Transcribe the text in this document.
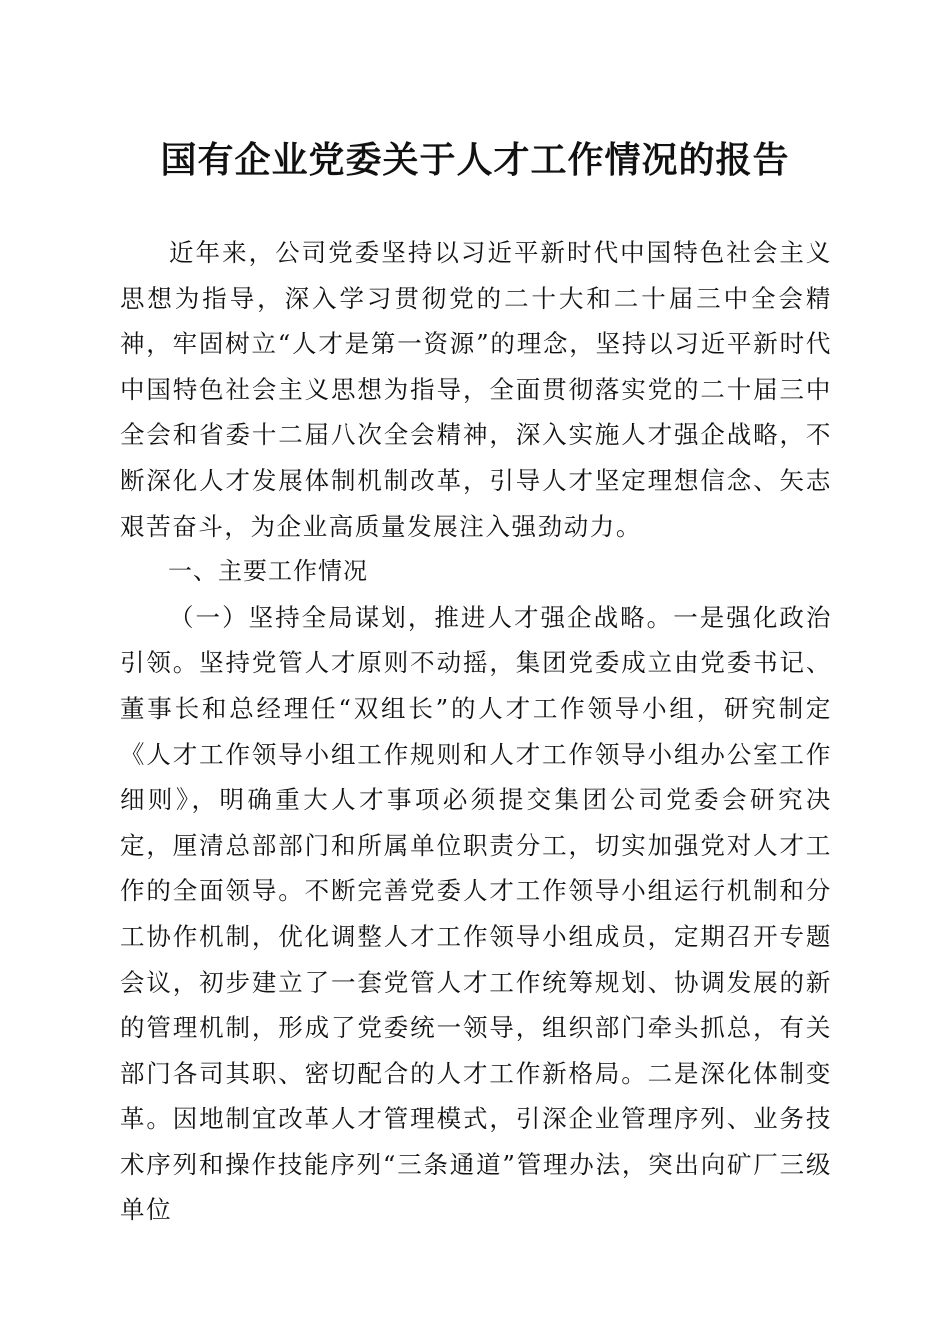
国有企业党委关于人才工作情况的报告

近年来，公司党委坚持以习近平新时代中国特色社会主义思想为指导，深入学习贯彻党的二十大和二十届三中全会精神，牢固树立“人才是第一资源”的理念，坚持以习近平新时代中国特色社会主义思想为指导，全面贯彻落实党的二十届三中全会和省委十二届八次全会精神，深入实施人才强企战略，不断深化人才发展体制机制改革，引导人才坚定理想信念、矢志艰苦奋斗，为企业高质量发展注入强劲动力。

一、主要工作情况

（一）坚持全局谋划，推进人才强企战略。一是强化政治引领。坚持党管人才原则不动摇，集团党委成立由党委书记、董事长和总经理任“双组长”的人才工作领导小组，研究制定《人才工作领导小组工作规则和人才工作领导小组办公室工作细则》，明确重大人才事项必须提交集团公司党委会研究决定，厘清总部部门和所属单位职责分工，切实加强党对人才工作的全面领导。不断完善党委人才工作领导小组运行机制和分工协作机制，优化调整人才工作领导小组成员，定期召开专题会议，初步建立了一套党管人才工作统筹规划、协调发展的新的管理机制，形成了党委统一领导，组织部门牵头抓总，有关部门各司其职、密切配合的人才工作新格局。二是深化体制变革。因地制宜改革人才管理模式，引深企业管理序列、业务技术序列和操作技能序列“三条通道”管理办法，突出向矿厂三级单位
